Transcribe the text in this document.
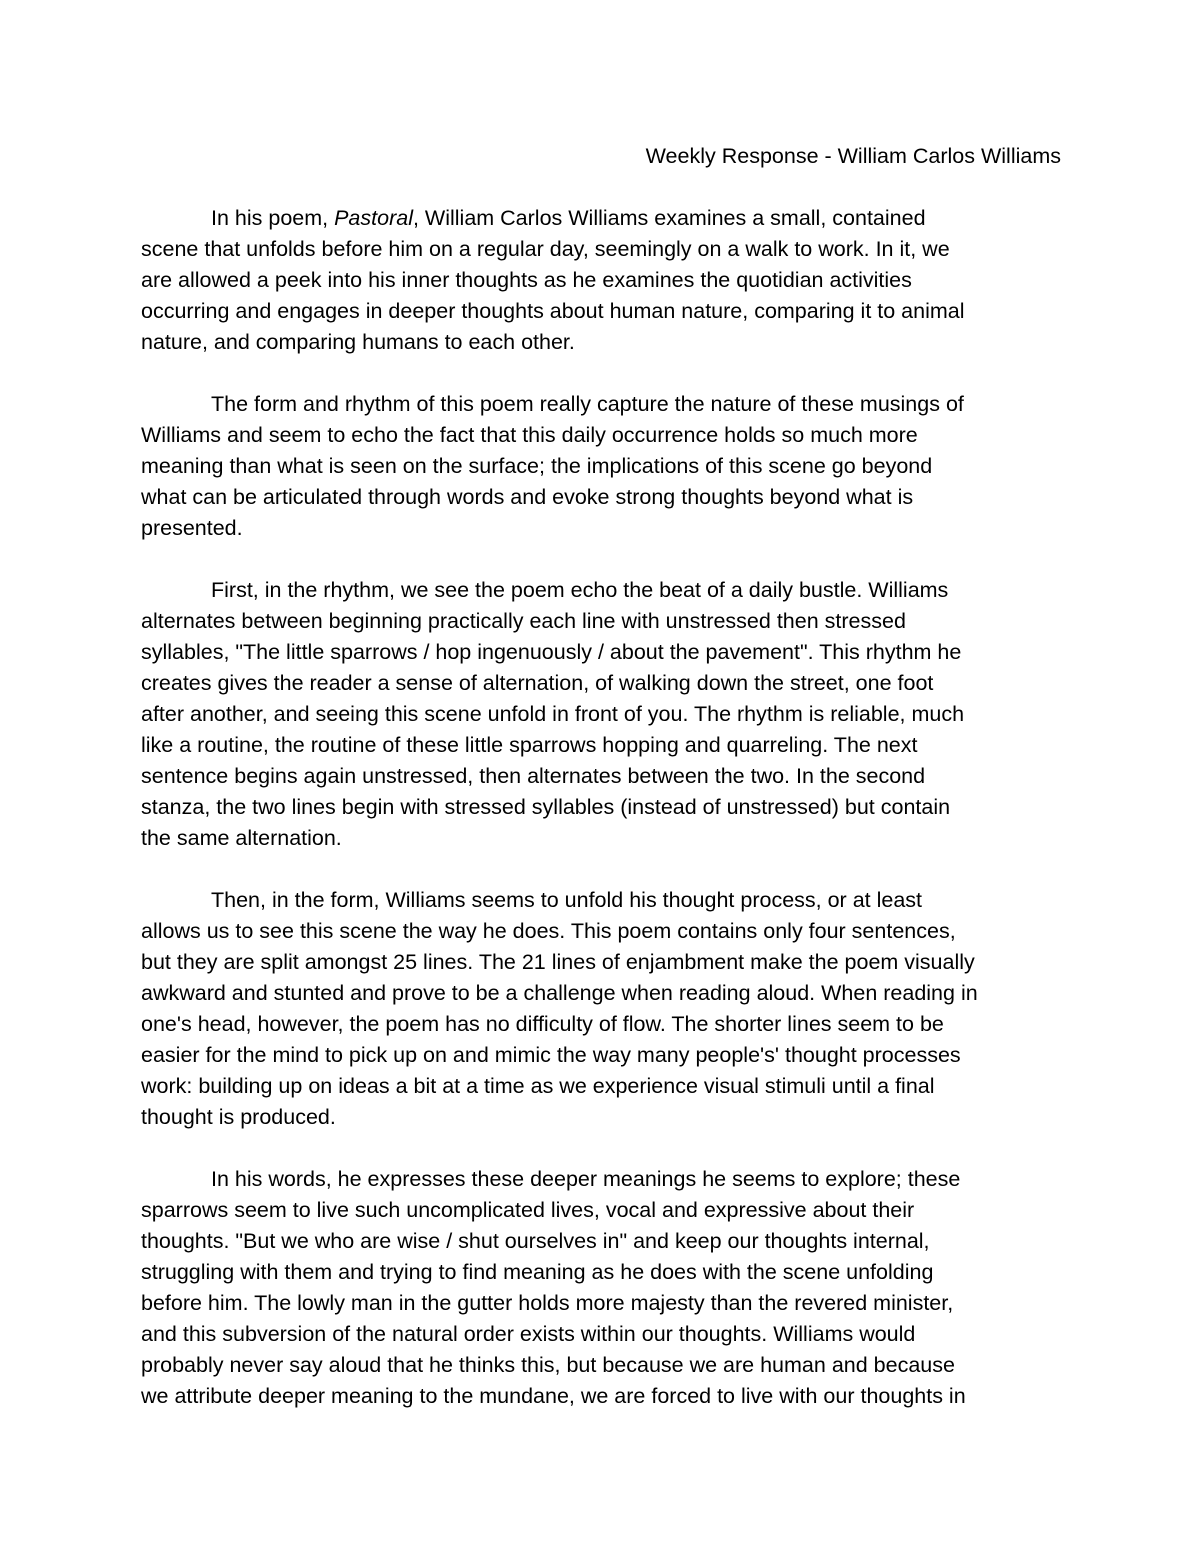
Weekly Response - William Carlos Williams
In his poem, Pastoral, William Carlos Williams examines a small, contained
scene that unfolds before him on a regular day, seemingly on a walk to work. In it, we
are allowed a peek into his inner thoughts as he examines the quotidian activities
occurring and engages in deeper thoughts about human nature, comparing it to animal
nature, and comparing humans to each other.
The form and rhythm of this poem really capture the nature of these musings of
Williams and seem to echo the fact that this daily occurrence holds so much more
meaning than what is seen on the surface; the implications of this scene go beyond
what can be articulated through words and evoke strong thoughts beyond what is
presented.
First, in the rhythm, we see the poem echo the beat of a daily bustle. Williams
alternates between beginning practically each line with unstressed then stressed
syllables, "The little sparrows / hop ingenuously / about the pavement". This rhythm he
creates gives the reader a sense of alternation, of walking down the street, one foot
after another, and seeing this scene unfold in front of you. The rhythm is reliable, much
like a routine, the routine of these little sparrows hopping and quarreling. The next
sentence begins again unstressed, then alternates between the two. In the second
stanza, the two lines begin with stressed syllables (instead of unstressed) but contain
the same alternation.
Then, in the form, Williams seems to unfold his thought process, or at least
allows us to see this scene the way he does. This poem contains only four sentences,
but they are split amongst 25 lines. The 21 lines of enjambment make the poem visually
awkward and stunted and prove to be a challenge when reading aloud. When reading in
one's head, however, the poem has no difficulty of flow. The shorter lines seem to be
easier for the mind to pick up on and mimic the way many people's' thought processes
work: building up on ideas a bit at a time as we experience visual stimuli until a final
thought is produced.
In his words, he expresses these deeper meanings he seems to explore; these
sparrows seem to live such uncomplicated lives, vocal and expressive about their
thoughts. "But we who are wise / shut ourselves in" and keep our thoughts internal,
struggling with them and trying to find meaning as he does with the scene unfolding
before him. The lowly man in the gutter holds more majesty than the revered minister,
and this subversion of the natural order exists within our thoughts. Williams would
probably never say aloud that he thinks this, but because we are human and because
we attribute deeper meaning to the mundane, we are forced to live with our thoughts in
